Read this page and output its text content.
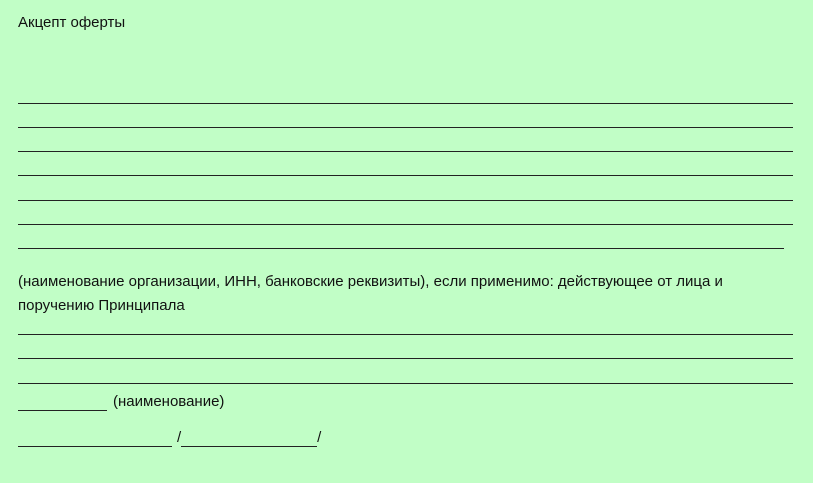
Акцепт оферты
(наименование организации, ИНН, банковские реквизиты), если применимо: действующее от лица и поручению Принципала
(наименование)
/	/
